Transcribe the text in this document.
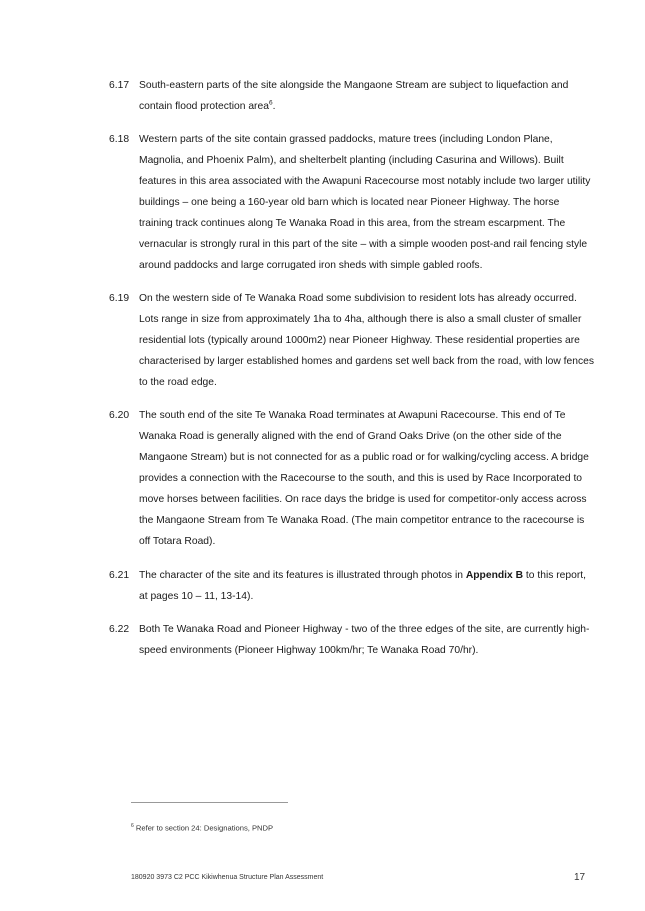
6.17 South-eastern parts of the site alongside the Mangaone Stream are subject to liquefaction and contain flood protection area$^6$.
6.18 Western parts of the site contain grassed paddocks, mature trees (including London Plane, Magnolia, and Phoenix Palm), and shelterbelt planting (including Casurina and Willows). Built features in this area associated with the Awapuni Racecourse most notably include two larger utility buildings – one being a 160-year old barn which is located near Pioneer Highway. The horse training track continues along Te Wanaka Road in this area, from the stream escarpment. The vernacular is strongly rural in this part of the site – with a simple wooden post-and rail fencing style around paddocks and large corrugated iron sheds with simple gabled roofs.
6.19 On the western side of Te Wanaka Road some subdivision to resident lots has already occurred. Lots range in size from approximately 1ha to 4ha, although there is also a small cluster of smaller residential lots (typically around 1000m2) near Pioneer Highway. These residential properties are characterised by larger established homes and gardens set well back from the road, with low fences to the road edge.
6.20 The south end of the site Te Wanaka Road terminates at Awapuni Racecourse. This end of Te Wanaka Road is generally aligned with the end of Grand Oaks Drive (on the other side of the Mangaone Stream) but is not connected for as a public road or for walking/cycling access. A bridge provides a connection with the Racecourse to the south, and this is used by Race Incorporated to move horses between facilities. On race days the bridge is used for competitor-only access across the Mangaone Stream from Te Wanaka Road. (The main competitor entrance to the racecourse is off Totara Road).
6.21 The character of the site and its features is illustrated through photos in Appendix B to this report, at pages 10 – 11, 13-14).
6.22 Both Te Wanaka Road and Pioneer Highway - two of the three edges of the site, are currently high-speed environments (Pioneer Highway 100km/hr; Te Wanaka Road 70/hr).
$^6$ Refer to section 24: Designations, PNDP
180920 3973 C2 PCC Kikiwhenua Structure Plan Assessment	17
